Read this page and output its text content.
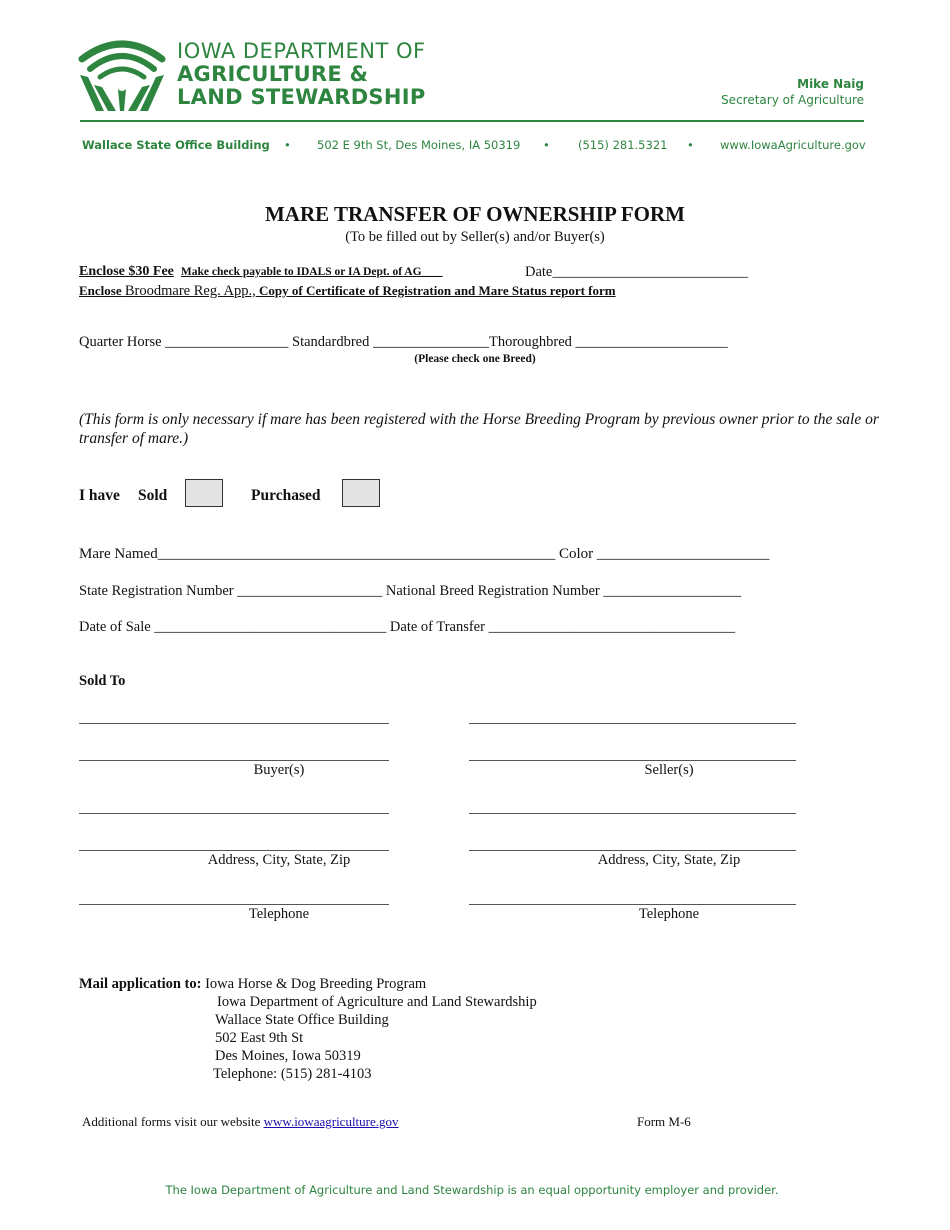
IOWA DEPARTMENT OF
AGRICULTURE &
LAND STEWARDSHIP
Mike Naig
Secretary of Agriculture
Wallace State Office Building • 502 E 9th St, Des Moines, IA 50319 • (515) 281.5321 • www.IowaAgriculture.gov
MARE TRANSFER OF OWNERSHIP FORM
(To be filled out by Seller(s) and/or Buyer(s)
Enclose $30 Fee Make check payable to IDALS or IA Dept. of AG___	Date___________________________
Enclose Broodmare Reg. App., Copy of Certificate of Registration and Mare Status report form
Quarter Horse _________________ Standardbred ________________Thoroughbred _____________________
(Please check one Breed)
(This form is only necessary if mare has been registered with the Horse Breeding Program by previous owner prior to the sale or transfer of mare.)
I have Sold	Purchased
Mare Named_____________________________________________________ Color _______________________
State Registration Number ____________________ National Breed Registration Number ___________________
Date of Sale ________________________________ Date of Transfer __________________________________
Sold To
Buyer(s)	Seller(s)
Address, City, State, Zip	Address, City, State, Zip
Telephone	Telephone
Mail application to: Iowa Horse & Dog Breeding Program
Iowa Department of Agriculture and Land Stewardship
Wallace State Office Building
502 East 9th St
Des Moines, Iowa 50319
Telephone: (515) 281-4103
Additional forms visit our website www.iowaagriculture.gov	Form M-6
The Iowa Department of Agriculture and Land Stewardship is an equal opportunity employer and provider.
